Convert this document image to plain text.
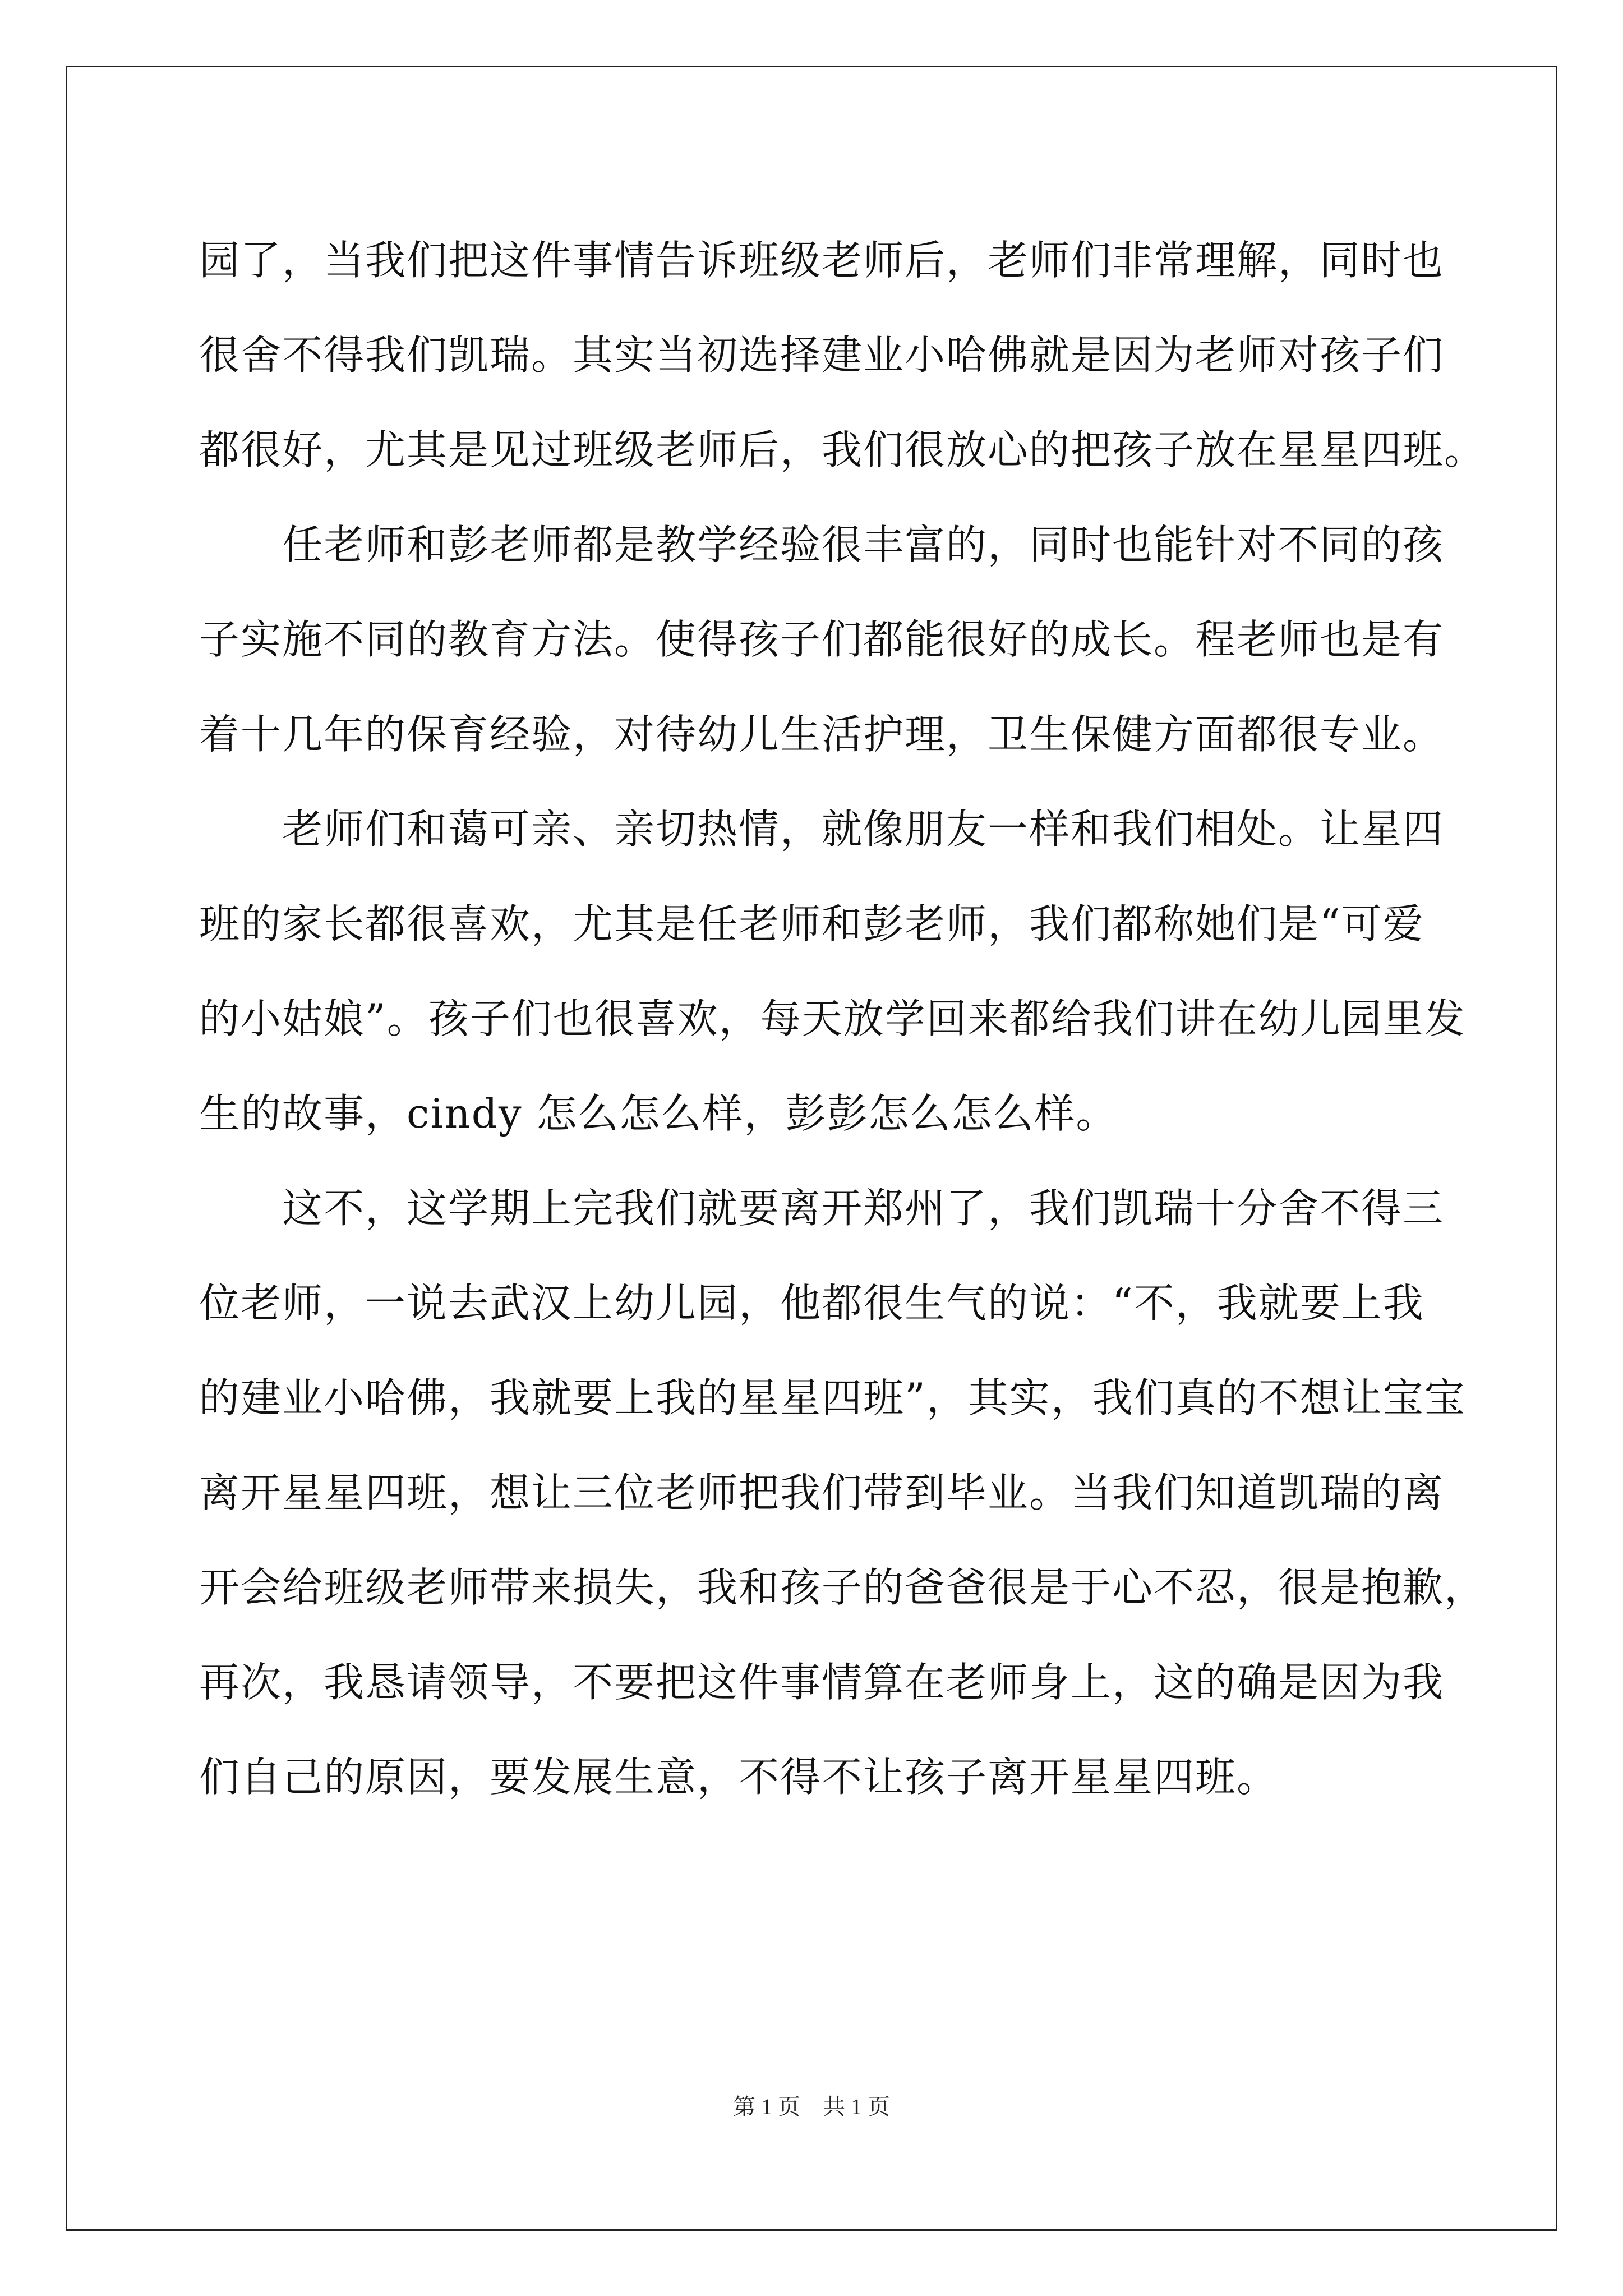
园了，当我们把这件事情告诉班级老师后，老师们非常理解，同时也
很舍不得我们凯瑞。其实当初选择建业小哈佛就是因为老师对孩子们
都很好，尤其是见过班级老师后，我们很放心的把孩子放在星星四班。
　　任老师和彭老师都是教学经验很丰富的，同时也能针对不同的孩
子实施不同的教育方法。使得孩子们都能很好的成长。程老师也是有
着十几年的保育经验，对待幼儿生活护理，卫生保健方面都很专业。
　　老师们和蔼可亲、亲切热情，就像朋友一样和我们相处。让星四
班的家长都很喜欢，尤其是任老师和彭老师，我们都称她们是“可爱
的小姑娘”。孩子们也很喜欢，每天放学回来都给我们讲在幼儿园里发
生的故事，cindy 怎么怎么样，彭彭怎么怎么样。
　　这不，这学期上完我们就要离开郑州了，我们凯瑞十分舍不得三
位老师，一说去武汉上幼儿园，他都很生气的说：“不，我就要上我
的建业小哈佛，我就要上我的星星四班”，其实，我们真的不想让宝宝
离开星星四班，想让三位老师把我们带到毕业。当我们知道凯瑞的离
开会给班级老师带来损失，我和孩子的爸爸很是于心不忍，很是抱歉，
再次，我恳请领导，不要把这件事情算在老师身上，这的确是因为我
们自己的原因，要发展生意，不得不让孩子离开星星四班。
第 1 页　共 1 页
